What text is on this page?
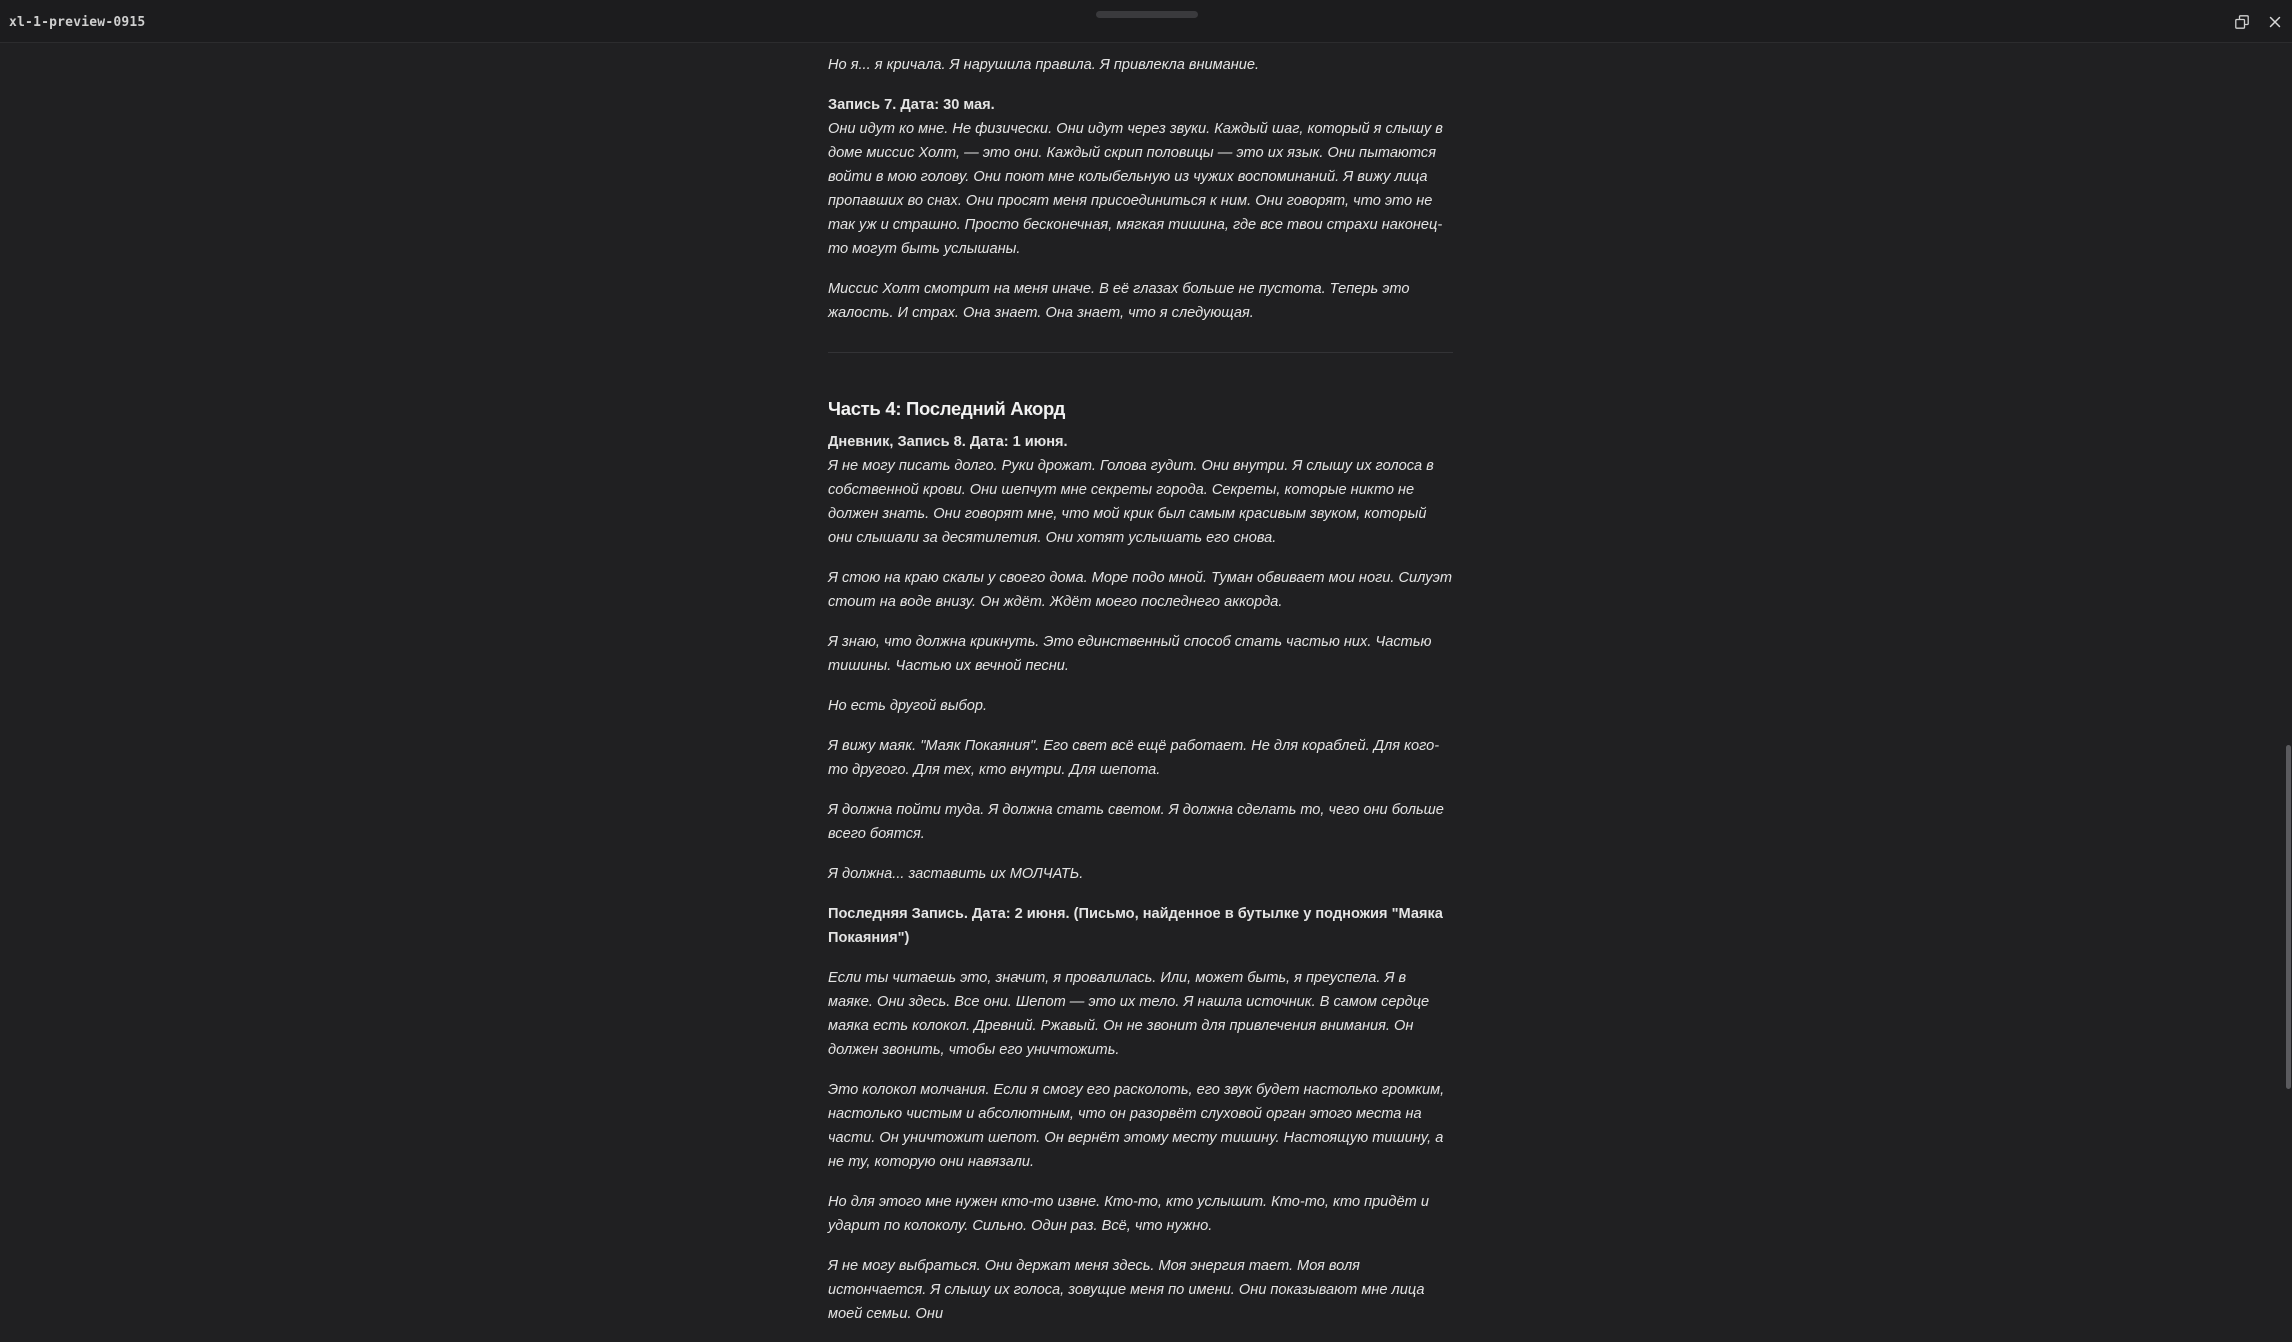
xl-1-preview-0915

Но я... я кричала. Я нарушила правила. Я привлекла внимание.

Запись 7. Дата: 30 мая.
Они идут ко мне. Не физически. Они идут через звуки. Каждый шаг, который я слышу в доме миссис Холт, — это они. Каждый скрип половицы — это их язык. Они пытаются войти в мою голову. Они поют мне колыбельную из чужих воспоминаний. Я вижу лица пропавших во снах. Они просят меня присоединиться к ним. Они говорят, что это не так уж и страшно. Просто бесконечная, мягкая тишина, где все твои страхи наконец-то могут быть услышаны.

Миссис Холт смотрит на меня иначе. В её глазах больше не пустота. Теперь это жалость. И страх. Она знает. Она знает, что я следующая.

Часть 4: Последний Акорд

Дневник, Запись 8. Дата: 1 июня.
Я не могу писать долго. Руки дрожат. Голова гудит. Они внутри. Я слышу их голоса в собственной крови. Они шепчут мне секреты города. Секреты, которые никто не должен знать. Они говорят мне, что мой крик был самым красивым звуком, который они слышали за десятилетия. Они хотят услышать его снова.

Я стою на краю скалы у своего дома. Море подо мной. Туман обвивает мои ноги. Силуэт стоит на воде внизу. Он ждёт. Ждёт моего последнего аккорда.

Я знаю, что должна крикнуть. Это единственный способ стать частью них. Частью тишины. Частью их вечной песни.

Но есть другой выбор.

Я вижу маяк. "Маяк Покаяния". Его свет всё ещё работает. Не для кораблей. Для кого-то другого. Для тех, кто внутри. Для шепота.

Я должна пойти туда. Я должна стать светом. Я должна сделать то, чего они больше всего боятся.

Я должна... заставить их МОЛЧАТЬ.

Последняя Запись. Дата: 2 июня. (Письмо, найденное в бутылке у подножия "Маяка Покаяния")

Если ты читаешь это, значит, я провалилась. Или, может быть, я преуспела. Я в маяке. Они здесь. Все они. Шепот — это их тело. Я нашла источник. В самом сердце маяка есть колокол. Древний. Ржавый. Он не звонит для привлечения внимания. Он должен звонить, чтобы его уничтожить.

Это колокол молчания. Если я смогу его расколоть, его звук будет настолько громким, настолько чистым и абсолютным, что он разорвёт слуховой орган этого места на части. Он уничтожит шепот. Он вернёт этому месту тишину. Настоящую тишину, а не ту, которую они навязали.

Но для этого мне нужен кто-то извне. Кто-то, кто услышит. Кто-то, кто придёт и ударит по колоколу. Сильно. Один раз. Всё, что нужно.

Я не могу выбраться. Они держат меня здесь. Моя энергия тает. Моя воля истончается. Я слышу их голоса, зовущие меня по имени. Они показывают мне лица моей семьи. Они
